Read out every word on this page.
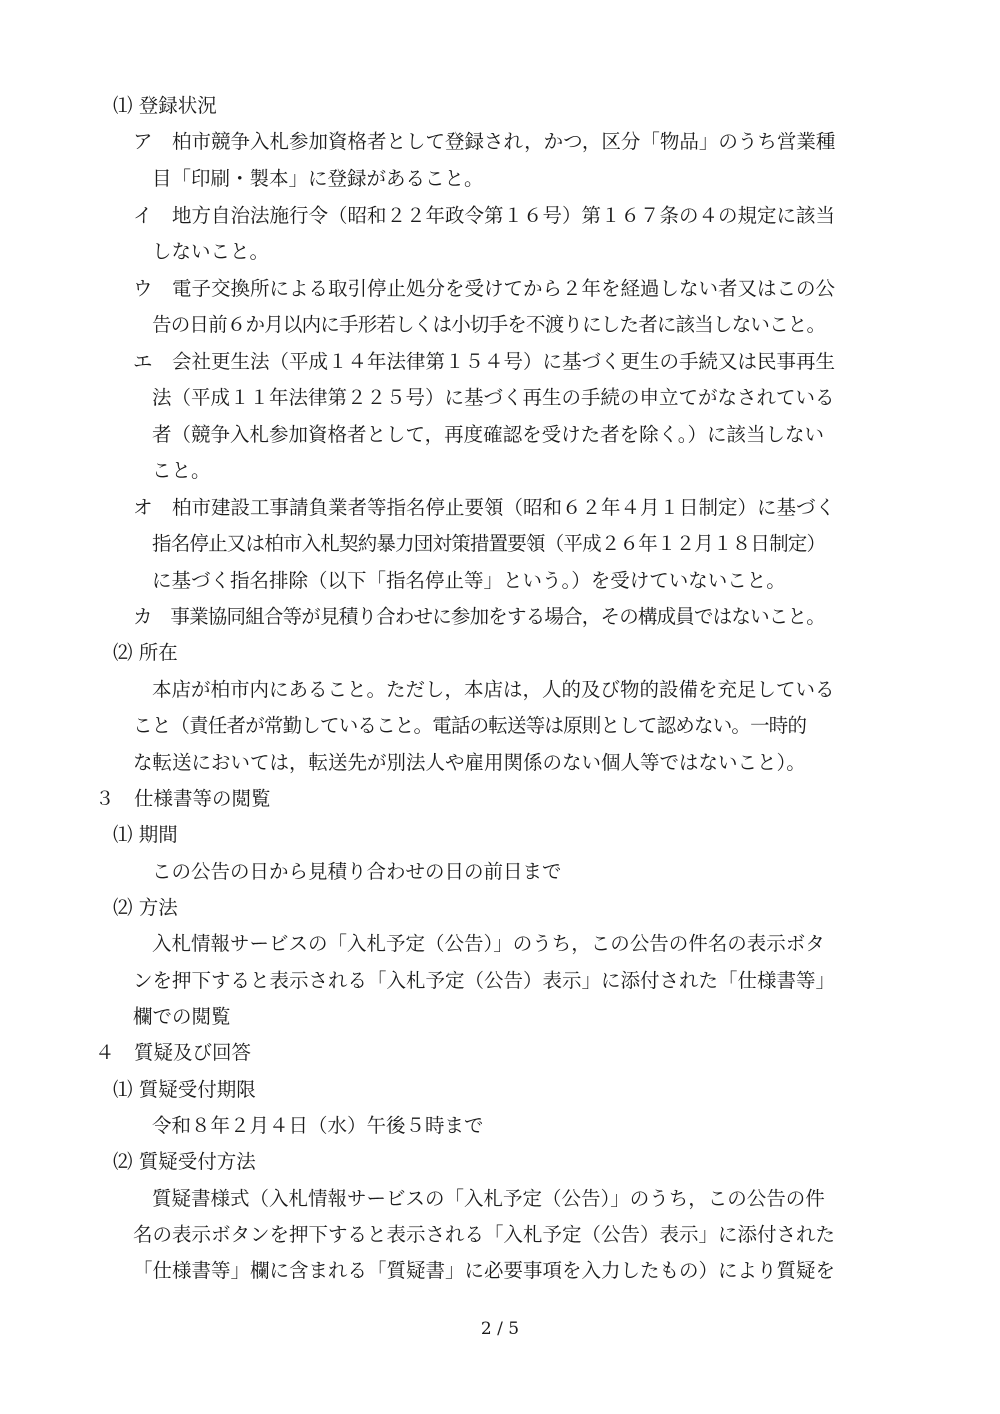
⑴ 登録状況
ア　柏市競争入札参加資格者として登録され，かつ，区分「物品」のうち営業種
目「印刷・製本」に登録があること。
イ　地方自治法施行令（昭和２２年政令第１６号）第１６７条の４の規定に該当
しないこと。
ウ　電子交換所による取引停止処分を受けてから２年を経過しない者又はこの公
告の日前６か月以内に手形若しくは小切手を不渡りにした者に該当しないこと。
エ　会社更生法（平成１４年法律第１５４号）に基づく更生の手続又は民事再生
法（平成１１年法律第２２５号）に基づく再生の手続の申立てがなされている
者（競争入札参加資格者として，再度確認を受けた者を除く。）に該当しない
こと。
オ　柏市建設工事請負業者等指名停止要領（昭和６２年４月１日制定）に基づく
指名停止又は柏市入札契約暴力団対策措置要領（平成２６年１２月１８日制定）
に基づく指名排除（以下「指名停止等」という。）を受けていないこと。
カ　事業協同組合等が見積り合わせに参加をする場合，その構成員ではないこと。
⑵ 所在
本店が柏市内にあること。ただし，本店は，人的及び物的設備を充足している
こと（責任者が常勤していること。電話の転送等は原則として認めない。一時的
な転送においては，転送先が別法人や雇用関係のない個人等ではないこと）。
３　仕様書等の閲覧
⑴ 期間
この公告の日から見積り合わせの日の前日まで
⑵ 方法
入札情報サービスの「入札予定（公告）」のうち，この公告の件名の表示ボタ
ンを押下すると表示される「入札予定（公告）表示」に添付された「仕様書等」
欄での閲覧
４　質疑及び回答
⑴ 質疑受付期限
令和８年２月４日（水）午後５時まで
⑵ 質疑受付方法
質疑書様式（入札情報サービスの「入札予定（公告）」のうち，この公告の件
名の表示ボタンを押下すると表示される「入札予定（公告）表示」に添付された
「仕様書等」欄に含まれる「質疑書」に必要事項を入力したもの）により質疑を
2 / 5
